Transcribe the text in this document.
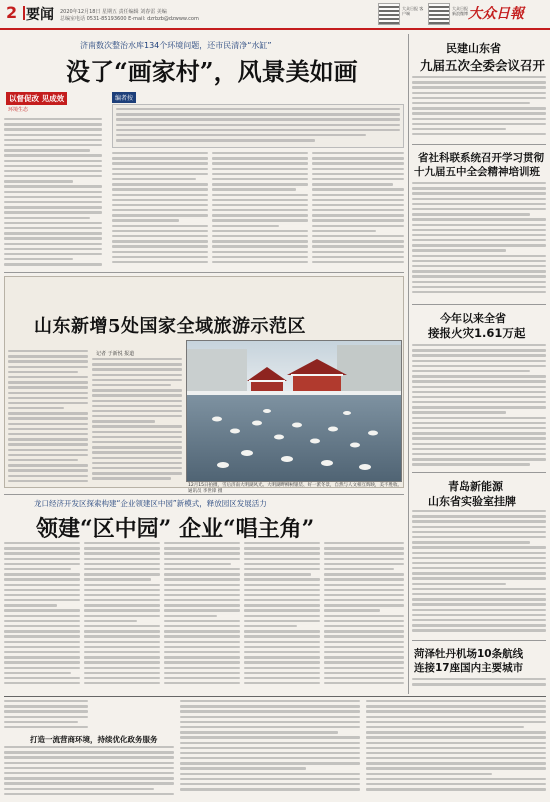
2 要闻 2020年12月18日 星期五 责任编辑 刘春雷 美编
总编室电话 0531-85193600 E-mail: dzrbzb@dzwww.com
大众日报 客户端
大众日报 新浪微博 大众日報
济南数次整治水库134个环境问题，还市民清净“水缸”
没了“画家村”，风景美如画
以督促改 见成效	编者按
环境生态
山东新增5处国家全域旅游示范区
记者 于新悦 报道
12月15日拍摄，雪后济南大明湖风光。大明湖畔柳树银装、好一派冬景，自然与人文相互辉映，美不胜收。 通讯员 李世锋 摄
龙口经济开发区探索构建“企业领建区中园”新模式，释放园区发展活力
领建“区中园” 企业“唱主角”
民建山东省
九届五次全委会议召开
省社科联系统召开学习贯彻
十九届五中全会精神培训班
今年以来全省
接报火灾1.61万起
青岛新能源
山东省实验室挂牌
菏泽牡丹机场10条航线
连接17座国内主要城市
打造一流营商环境，持续优化政务服务
